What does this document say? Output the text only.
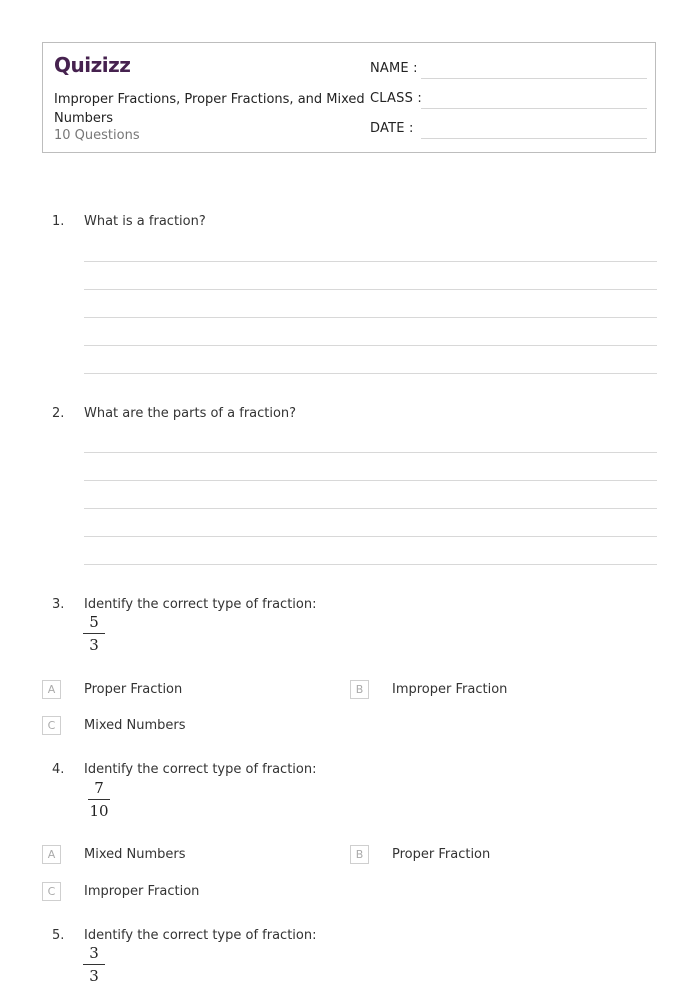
Quizizz
Improper Fractions, Proper Fractions, and Mixed Numbers
10 Questions
NAME :
CLASS :
DATE :
1. What is a fraction?
2. What are the parts of a fraction?
3. Identify the correct type of fraction:
5
3
A	Proper Fraction	B	Improper Fraction
C	Mixed Numbers
4. Identify the correct type of fraction:
7
10
A	Mixed Numbers	B	Proper Fraction
C	Improper Fraction
5. Identify the correct type of fraction:
3
3
